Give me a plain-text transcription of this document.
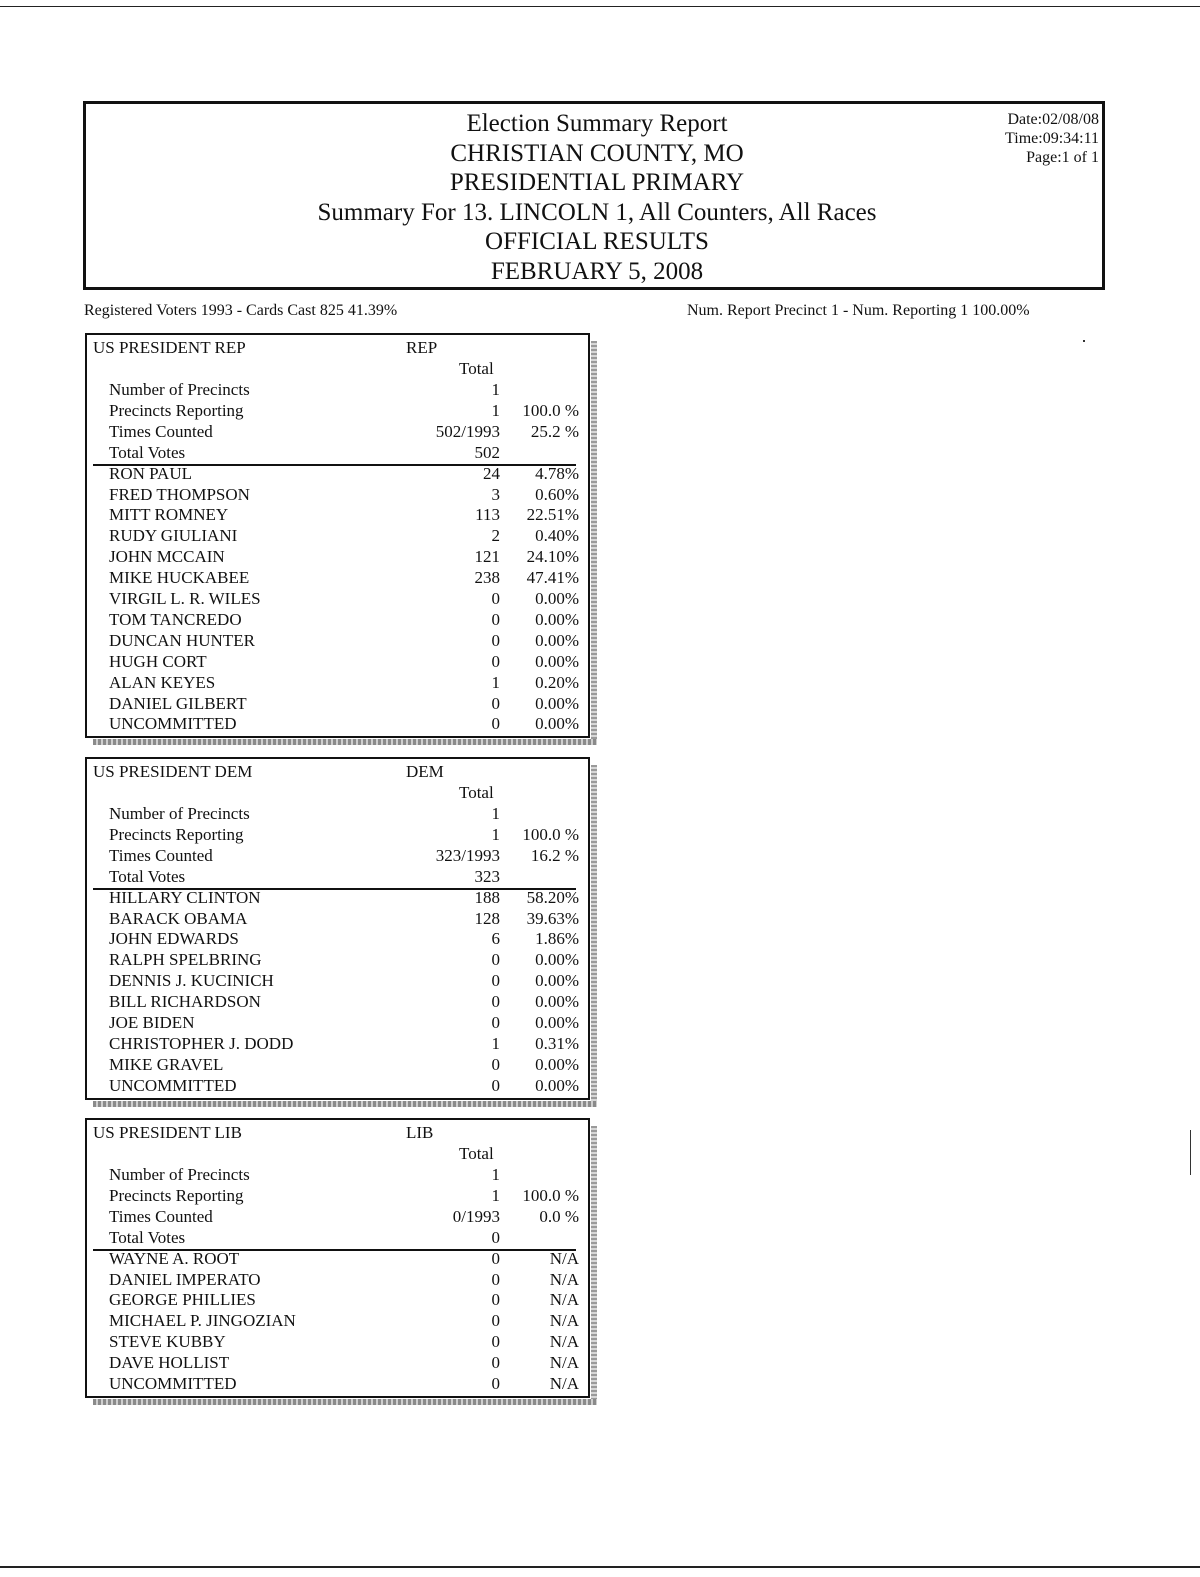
Election Summary Report
CHRISTIAN COUNTY, MO
PRESIDENTIAL PRIMARY
Summary For 13. LINCOLN 1, All Counters, All Races
OFFICIAL RESULTS
FEBRUARY 5, 2008
Date:02/08/08
Time:09:34:11
Page:1 of 1
Registered Voters 1993 - Cards Cast 825 41.39%	Num. Report Precinct 1 - Num. Reporting 1 100.00%
US PRESIDENT REP	REP
Total
Number of Precincts	1
Precincts Reporting	1 100.0 %
Times Counted	502/1993 25.2 %
Total Votes	502
RON PAUL	24 4.78%
FRED THOMPSON	3 0.60%
MITT ROMNEY	113 22.51%
RUDY GIULIANI	2 0.40%
JOHN MCCAIN	121 24.10%
MIKE HUCKABEE	238 47.41%
VIRGIL L. R. WILES	0 0.00%
TOM TANCREDO	0 0.00%
DUNCAN HUNTER	0 0.00%
HUGH CORT	0 0.00%
ALAN KEYES	1 0.20%
DANIEL GILBERT	0 0.00%
UNCOMMITTED	0 0.00%
US PRESIDENT DEM	DEM
Total
Number of Precincts	1
Precincts Reporting	1 100.0 %
Times Counted	323/1993 16.2 %
Total Votes	323
HILLARY CLINTON	188 58.20%
BARACK OBAMA	128 39.63%
JOHN EDWARDS	6 1.86%
RALPH SPELBRING	0 0.00%
DENNIS J. KUCINICH	0 0.00%
BILL RICHARDSON	0 0.00%
JOE BIDEN	0 0.00%
CHRISTOPHER J. DODD	1 0.31%
MIKE GRAVEL	0 0.00%
UNCOMMITTED	0 0.00%
US PRESIDENT LIB	LIB
Total
Number of Precincts	1
Precincts Reporting	1 100.0 %
Times Counted	0/1993 0.0 %
Total Votes	0
WAYNE A. ROOT	0	N/A
DANIEL IMPERATO	0	N/A
GEORGE PHILLIES	0	N/A
MICHAEL P. JINGOZIAN	0	N/A
STEVE KUBBY	0	N/A
DAVE HOLLIST	0	N/A
UNCOMMITTED	0	N/A
